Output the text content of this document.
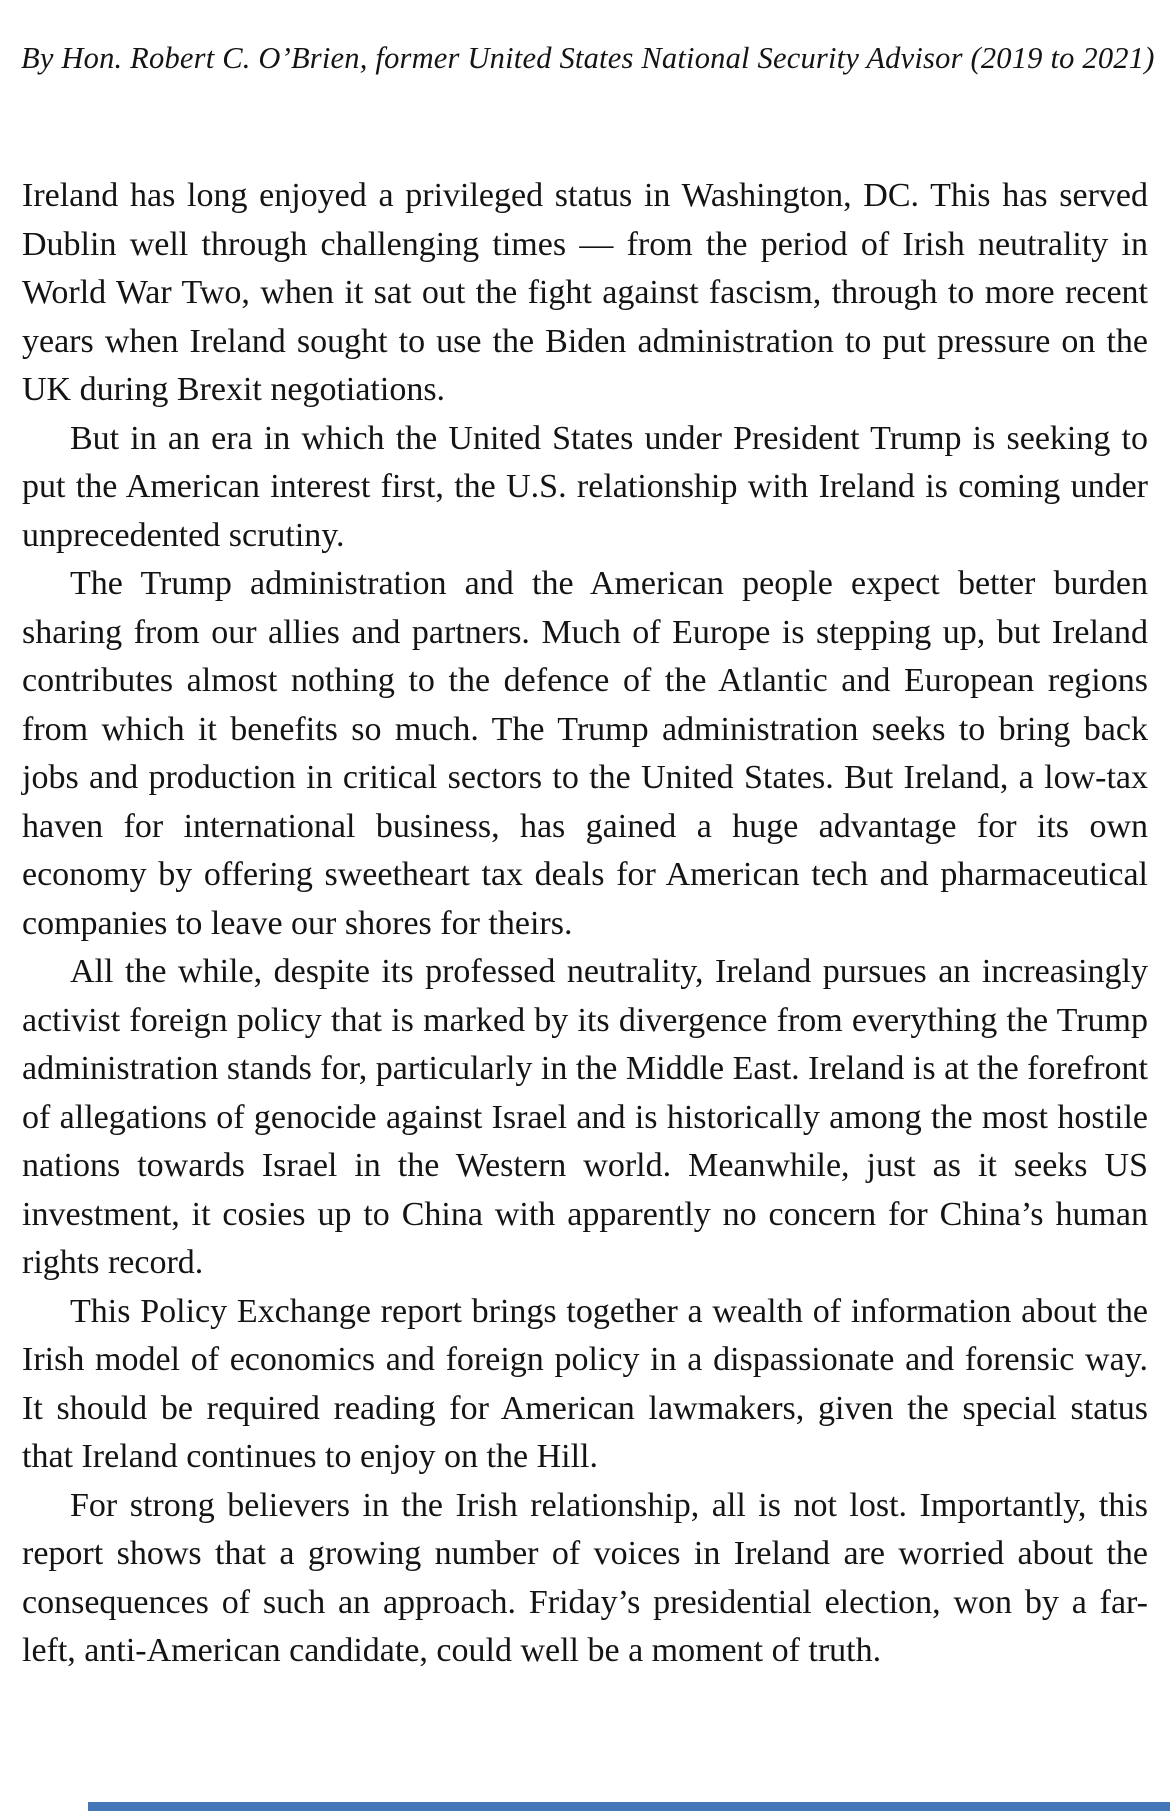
By Hon. Robert C. O’Brien, former United States National Security Advisor (2019 to 2021)

Ireland has long enjoyed a privileged status in Washington, DC. This has served Dublin well through challenging times — from the period of Irish neutrality in World War Two, when it sat out the fight against fascism, through to more recent years when Ireland sought to use the Biden administration to put pressure on the UK during Brexit negotiations.

But in an era in which the United States under President Trump is seeking to put the American interest first, the U.S. relationship with Ireland is coming under unprecedented scrutiny.

The Trump administration and the American people expect better burden sharing from our allies and partners. Much of Europe is stepping up, but Ireland contributes almost nothing to the defence of the Atlantic and European regions from which it benefits so much. The Trump administration seeks to bring back jobs and production in critical sectors to the United States. But Ireland, a low-tax haven for international business, has gained a huge advantage for its own economy by offering sweetheart tax deals for American tech and pharmaceutical companies to leave our shores for theirs.

All the while, despite its professed neutrality, Ireland pursues an increasingly activist foreign policy that is marked by its divergence from everything the Trump administration stands for, particularly in the Middle East. Ireland is at the forefront of allegations of genocide against Israel and is historically among the most hostile nations towards Israel in the Western world. Meanwhile, just as it seeks US investment, it cosies up to China with apparently no concern for China’s human rights record.

This Policy Exchange report brings together a wealth of information about the Irish model of economics and foreign policy in a dispassionate and forensic way. It should be required reading for American lawmakers, given the special status that Ireland continues to enjoy on the Hill.

For strong believers in the Irish relationship, all is not lost. Importantly, this report shows that a growing number of voices in Ireland are worried about the consequences of such an approach. Friday’s presidential election, won by a far-left, anti-American candidate, could well be a moment of truth.
